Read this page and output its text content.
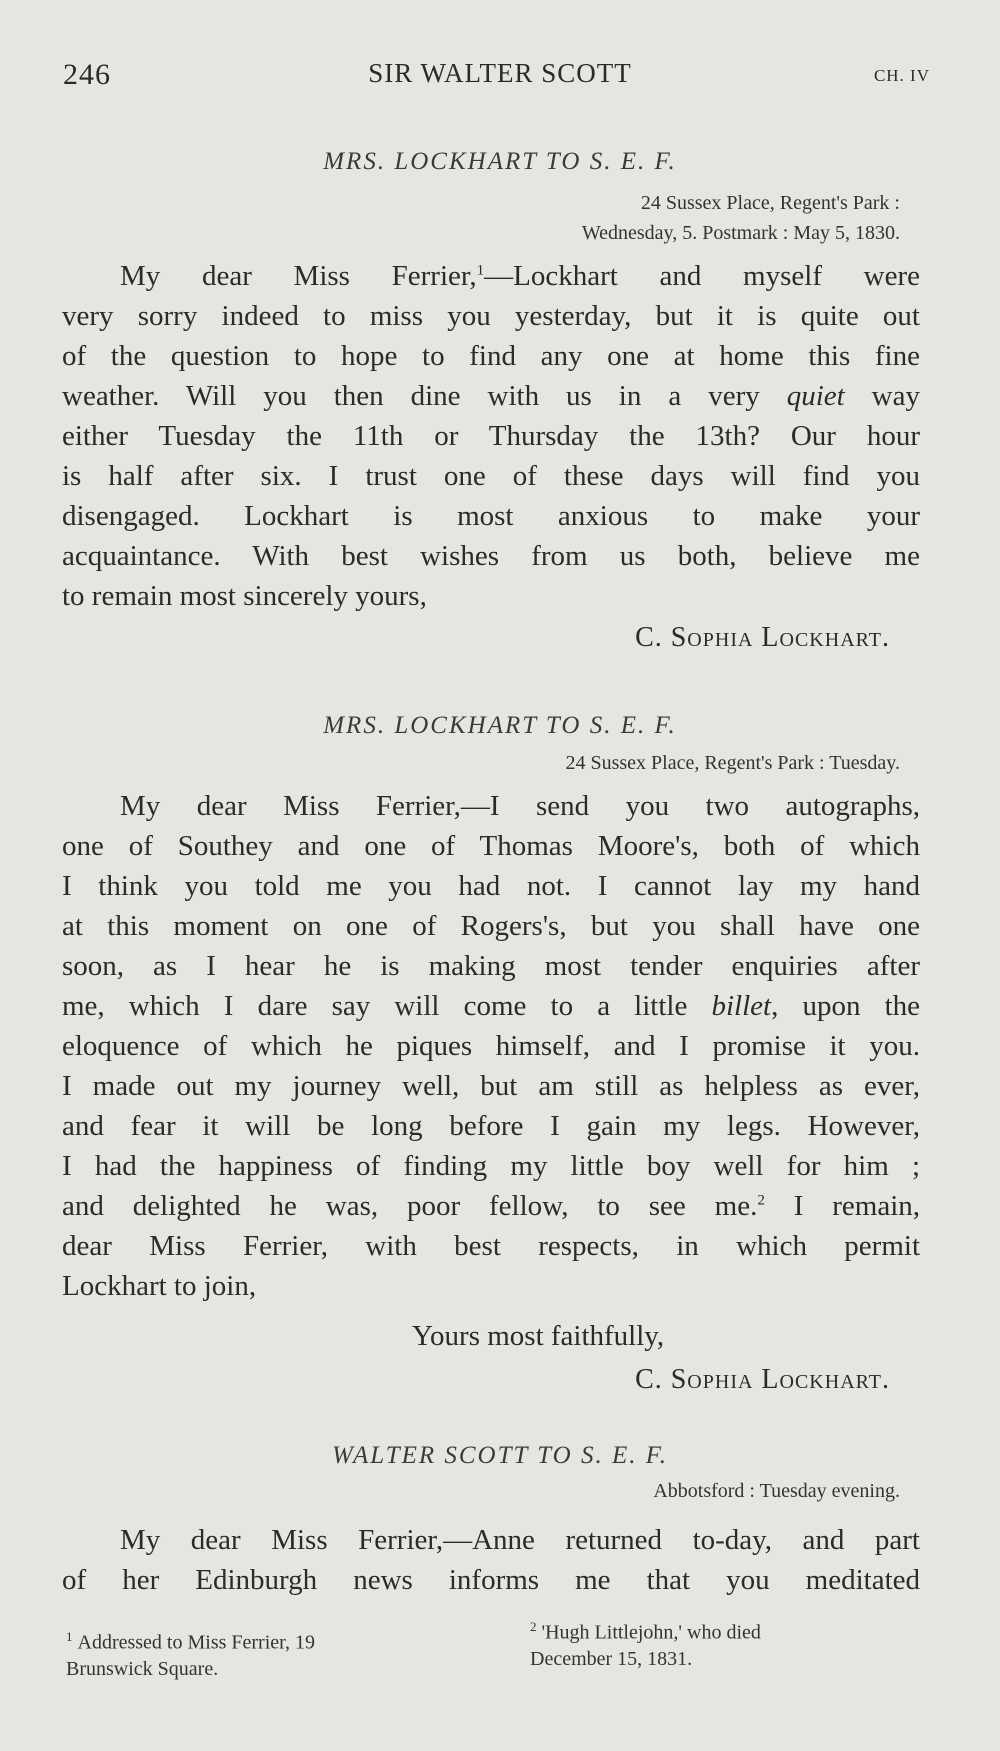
246	SIR WALTER SCOTT	CH. IV
MRS. LOCKHART TO S. E. F.
24 Sussex Place, Regent's Park :
Wednesday, 5. Postmark : May 5, 1830.
My dear Miss Ferrier,$^1$—Lockhart and myself were
very sorry indeed to miss you yesterday, but it is quite out
of the question to hope to find any one at home this fine
weather. Will you then dine with us in a very quiet way
either Tuesday the 11th or Thursday the 13th? Our hour
is half after six. I trust one of these days will find you
disengaged. Lockhart is most anxious to make your
acquaintance. With best wishes from us both, believe me
to remain most sincerely yours,
C. Sophia Lockhart.
MRS. LOCKHART TO S. E. F.
24 Sussex Place, Regent's Park : Tuesday.
My dear Miss Ferrier,—I send you two autographs,
one of Southey and one of Thomas Moore's, both of which
I think you told me you had not. I cannot lay my hand
at this moment on one of Rogers's, but you shall have one
soon, as I hear he is making most tender enquiries after
me, which I dare say will come to a little billet, upon the
eloquence of which he piques himself, and I promise it you.
I made out my journey well, but am still as helpless as ever,
and fear it will be long before I gain my legs. However,
I had the happiness of finding my little boy well for him ;
and delighted he was, poor fellow, to see me.$^2$ I remain,
dear Miss Ferrier, with best respects, in which permit
Lockhart to join,
Yours most faithfully,
C. Sophia Lockhart.
WALTER SCOTT TO S. E. F.
Abbotsford : Tuesday evening.
My dear Miss Ferrier,—Anne returned to-day, and part
of her Edinburgh news informs me that you meditated
$^1$ Addressed to Miss Ferrier, 19
Brunswick Square.
$^2$ 'Hugh Littlejohn,' who died
December 15, 1831.
